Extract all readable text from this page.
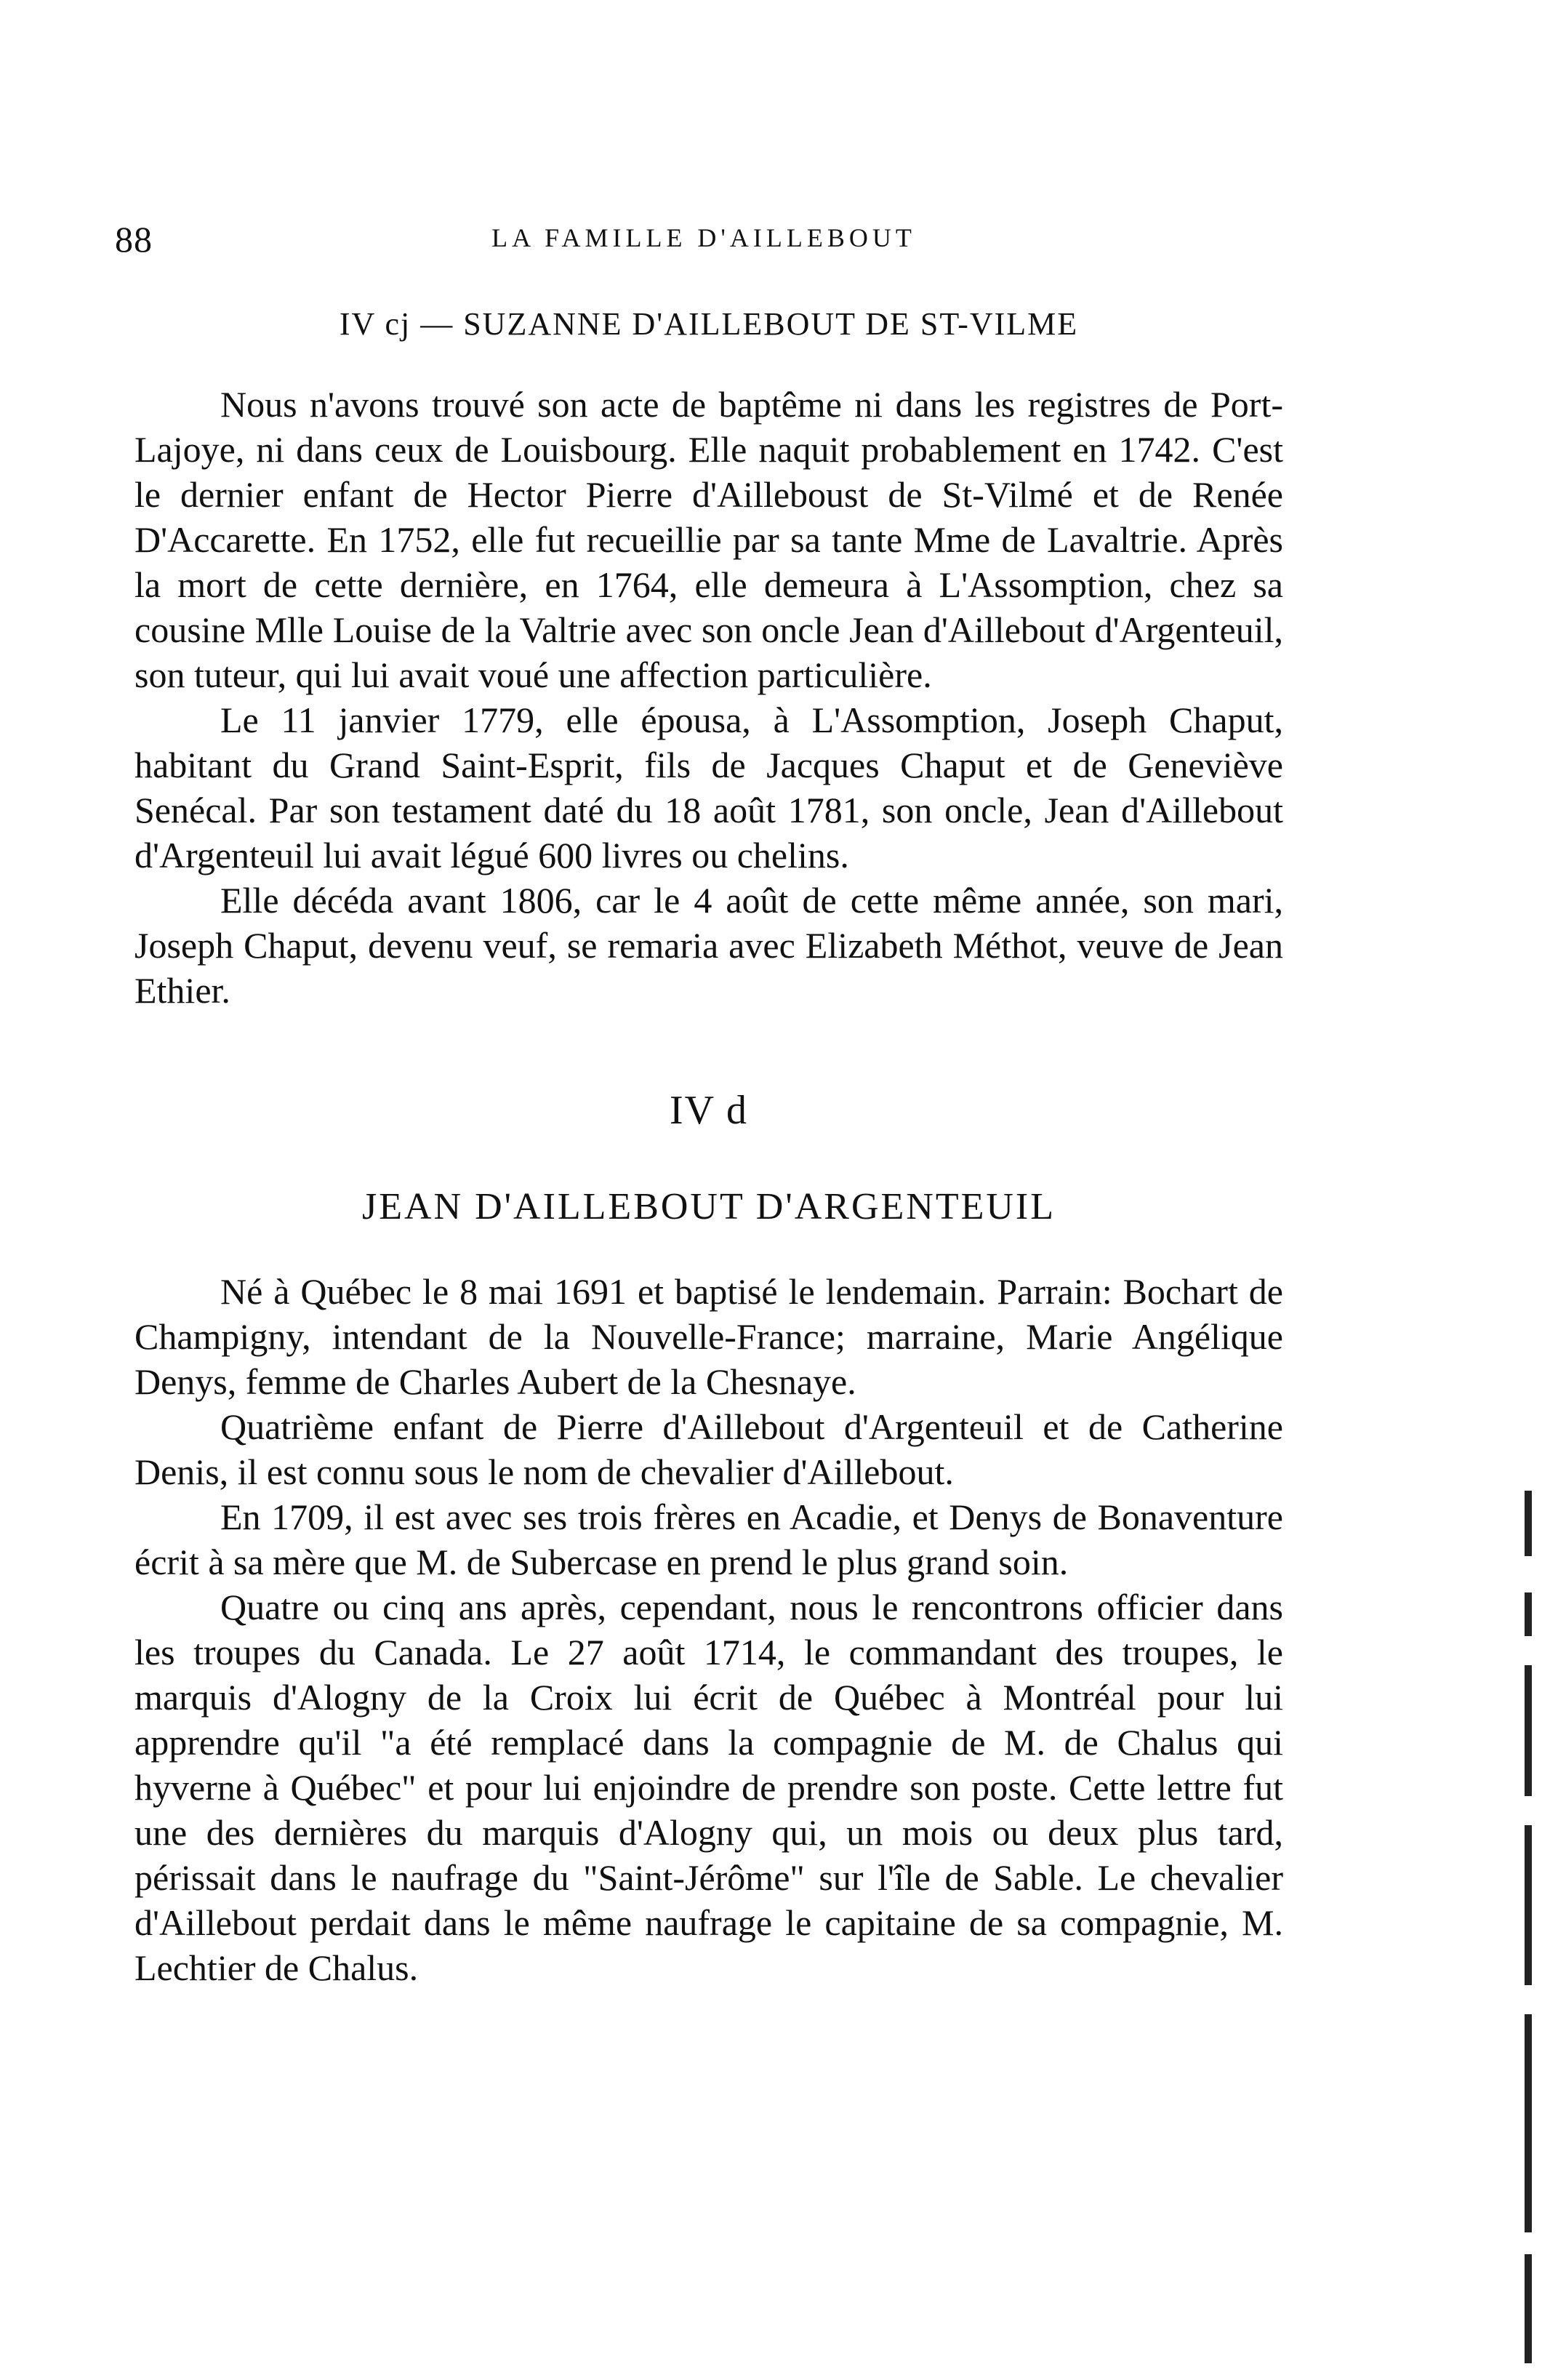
88	LA FAMILLE D'AILLEBOUT
IV cj — SUZANNE D'AILLEBOUT DE ST-VILME

Nous n'avons trouvé son acte de baptême ni dans les registres de Port-Lajoye, ni dans ceux de Louisbourg. Elle naquit probablement en 1742. C'est le dernier enfant de Hector Pierre d'Ailleboust de St-Vilmé et de Renée D'Accarette. En 1752, elle fut recueillie par sa tante Mme de Lavaltrie. Après la mort de cette dernière, en 1764, elle demeura à L'Assomption, chez sa cousine Mlle Louise de la Valtrie avec son oncle Jean d'Aillebout d'Argenteuil, son tuteur, qui lui avait voué une affection particulière.

Le 11 janvier 1779, elle épousa, à L'Assomption, Joseph Chaput, habitant du Grand Saint-Esprit, fils de Jacques Chaput et de Geneviève Senécal. Par son testament daté du 18 août 1781, son oncle, Jean d'Aillebout d'Argenteuil lui avait légué 600 livres ou chelins.

Elle décéda avant 1806, car le 4 août de cette même année, son mari, Joseph Chaput, devenu veuf, se remaria avec Elizabeth Méthot, veuve de Jean Ethier.

IV d
JEAN D'AILLEBOUT D'ARGENTEUIL

Né à Québec le 8 mai 1691 et baptisé le lendemain. Parrain: Bochart de Champigny, intendant de la Nouvelle-France; marraine, Marie Angélique Denys, femme de Charles Aubert de la Chesnaye.

Quatrième enfant de Pierre d'Aillebout d'Argenteuil et de Catherine Denis, il est connu sous le nom de chevalier d'Aillebout.

En 1709, il est avec ses trois frères en Acadie, et Denys de Bonaventure écrit à sa mère que M. de Subercase en prend le plus grand soin.

Quatre ou cinq ans après, cependant, nous le rencontrons officier dans les troupes du Canada. Le 27 août 1714, le commandant des troupes, le marquis d'Alogny de la Croix lui écrit de Québec à Montréal pour lui apprendre qu'il "a été remplacé dans la compagnie de M. de Chalus qui hyverne à Québec" et pour lui enjoindre de prendre son poste. Cette lettre fut une des dernières du marquis d'Alogny qui, un mois ou deux plus tard, périssait dans le naufrage du "Saint-Jérôme" sur l'île de Sable. Le chevalier d'Aillebout perdait dans le même naufrage le capitaine de sa compagnie, M. Lechtier de Chalus.
